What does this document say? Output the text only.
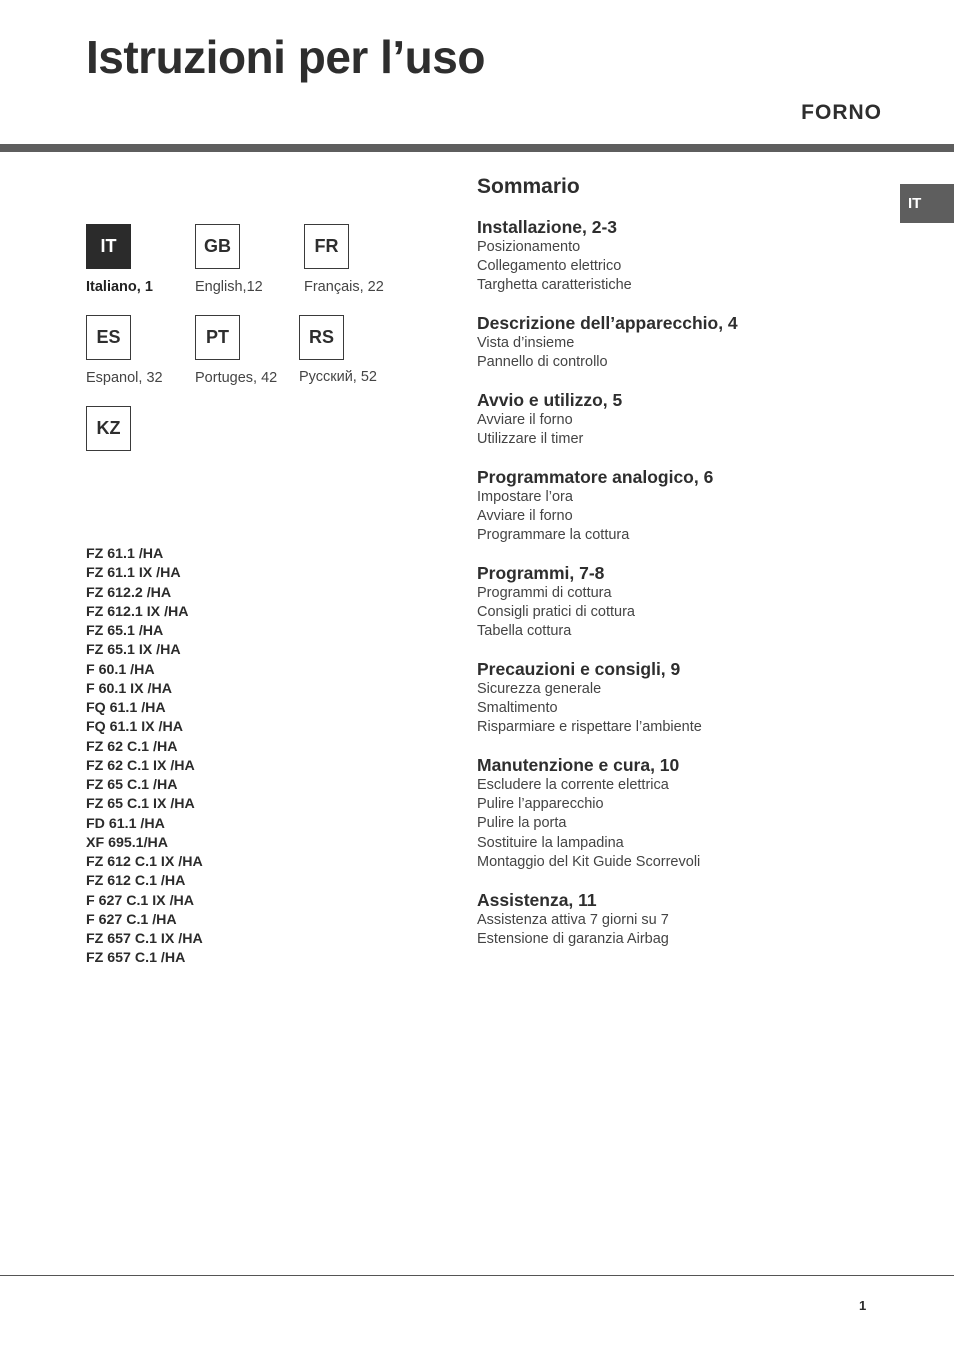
Istruzioni per l’uso
FORNO
IT
IT
Italiano, 1
GB
English,12
FR
Français, 22
ES
Espanol, 32
PT
Portuges, 42
RS
Русский, 52
KZ
FZ 61.1 /HA
FZ 61.1 IX /HA
FZ 612.2 /HA
FZ 612.1 IX /HA
FZ 65.1 /HA
FZ 65.1 IX /HA
F 60.1 /HA
F 60.1 IX /HA
FQ 61.1 /HA
FQ 61.1 IX /HA
FZ 62 C.1 /HA
FZ 62 C.1 IX /HA
FZ 65 C.1 /HA
FZ 65 C.1 IX /HA
FD 61.1 /HA
XF 695.1/HA
FZ 612 C.1 IX /HA
FZ 612 C.1 /HA
F 627 C.1 IX /HA
F 627 C.1 /HA
FZ 657 C.1 IX /HA
FZ 657 C.1 /HA
Sommario
Installazione, 2-3
Posizionamento
Collegamento elettrico
Targhetta caratteristiche
Descrizione dell’apparecchio, 4
Vista d’insieme
Pannello di controllo
Avvio e utilizzo, 5
Avviare il forno
Utilizzare il timer
Programmatore analogico, 6
Impostare l’ora
Avviare il forno
Programmare la cottura
Programmi, 7-8
Programmi di cottura
Consigli pratici di cottura
Tabella cottura
Precauzioni e consigli, 9
Sicurezza generale
Smaltimento
Risparmiare e rispettare l’ambiente
Manutenzione e cura, 10
Escludere la corrente elettrica
Pulire l’apparecchio
Pulire la porta
Sostituire la lampadina
Montaggio del Kit Guide Scorrevoli
Assistenza, 11
Assistenza attiva 7 giorni su 7
Estensione di garanzia Airbag
1
